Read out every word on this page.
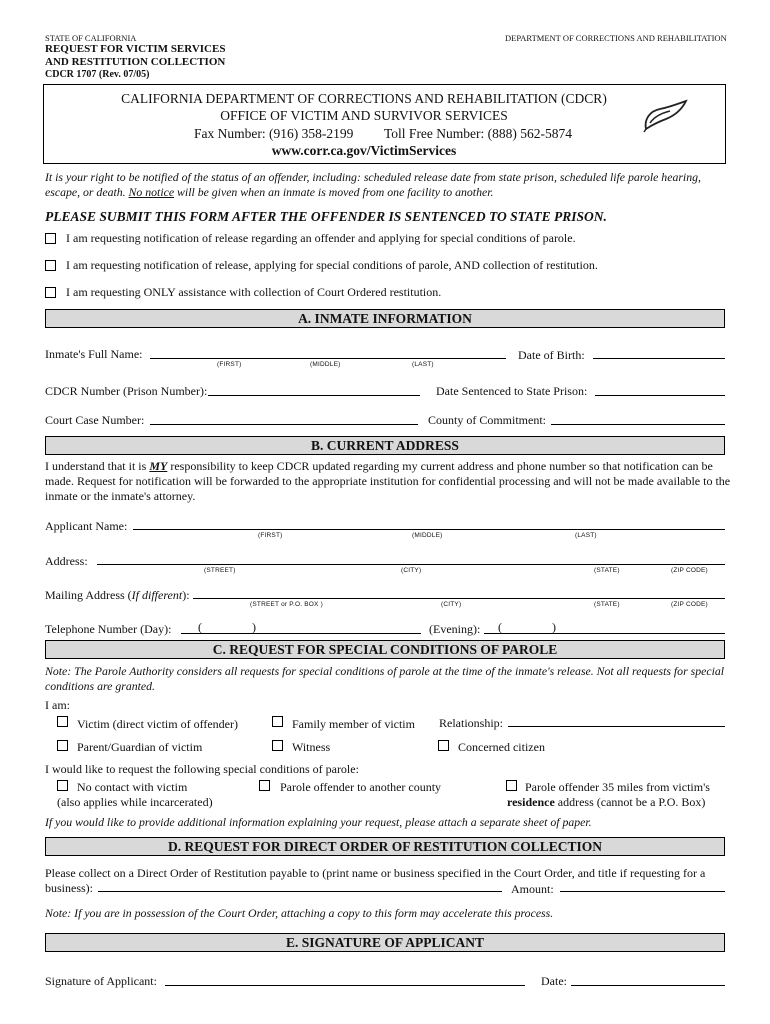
STATE OF CALIFORNIA	DEPARTMENT OF CORRECTIONS AND REHABILITATION
REQUEST FOR VICTIM SERVICES
AND RESTITUTION COLLECTION
CDCR 1707 (Rev. 07/05)
CALIFORNIA DEPARTMENT OF CORRECTIONS AND REHABILITATION (CDCR)
OFFICE OF VICTIM AND SURVIVOR SERVICES
Fax Number: (916) 358-2199 Toll Free Number: (888) 562-5874
www.corr.ca.gov/VictimServices
It is your right to be notified of the status of an offender, including: scheduled release date from state prison, scheduled life parole hearing, escape, or death. No notice will be given when an inmate is moved from one facility to another.
PLEASE SUBMIT THIS FORM AFTER THE OFFENDER IS SENTENCED TO STATE PRISON.
I am requesting notification of release regarding an offender and applying for special conditions of parole.
I am requesting notification of release, applying for special conditions of parole, AND collection of restitution.
I am requesting ONLY assistance with collection of Court Ordered restitution.
A. INMATE INFORMATION
Inmate's Full Name:
(FIRST)	(MIDDLE)	(LAST)
Date of Birth:
CDCR Number (Prison Number):	Date Sentenced to State Prison:
Court Case Number:	County of Commitment:
B. CURRENT ADDRESS
I understand that it is MY responsibility to keep CDCR updated regarding my current address and phone number so that notification can be made. Request for notification will be forwarded to the appropriate institution for confidential processing and will not be made available to the inmate or the inmate's attorney.
Applicant Name:
(FIRST)	(MIDDLE)	(LAST)
Address:
(STREET)	(CITY)	(STATE)	(ZIP CODE)
Mailing Address (If different):
(STREET or P.O. BOX )	(CITY)	(STATE)	(ZIP CODE)
Telephone Number (Day): (	)	(Evening): (	)
C. REQUEST FOR SPECIAL CONDITIONS OF PAROLE
Note: The Parole Authority considers all requests for special conditions of parole at the time of the inmate's release. Not all requests for special conditions are granted.
I am:
Victim (direct victim of offender)	Family member of victim Relationship:
Parent/Guardian of victim	Witness	Concerned citizen
I would like to request the following special conditions of parole:
No contact with victim
(also applies while incarcerated)
Parole offender to another county	Parole offender 35 miles from victim's
residence address (cannot be a P.O. Box)
If you would like to provide additional information explaining your request, please attach a separate sheet of paper.
D. REQUEST FOR DIRECT ORDER OF RESTITUTION COLLECTION
Please collect on a Direct Order of Restitution payable to (print name or business specified in the Court Order, and title if requesting for a
business):	Amount:
Note: If you are in possession of the Court Order, attaching a copy to this form may accelerate this process.
E. SIGNATURE OF APPLICANT
Signature of Applicant:	Date:
